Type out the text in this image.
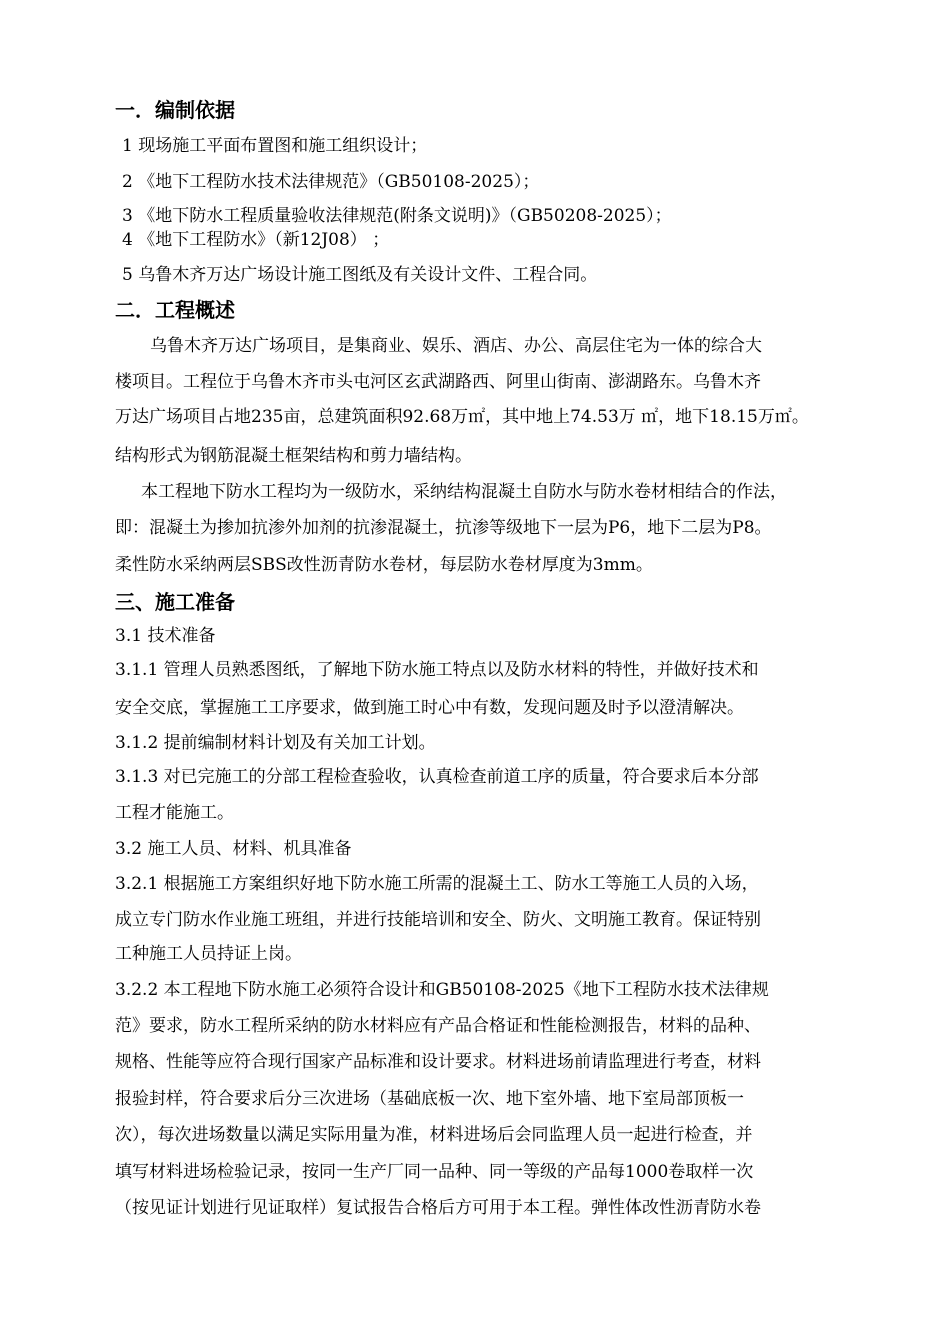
一．编制依据
1 现场施工平面布置图和施工组织设计；
2 《地下工程防水技术法律规范》（GB50108-2025）；
3 《地下防水工程质量验收法律规范(附条文说明)》（GB50208-2025）；
4 《地下工程防水》（新12J08） ；
5 乌鲁木齐万达广场设计施工图纸及有关设计文件、工程合同。
二．工程概述
乌鲁木齐万达广场项目，是集商业、娱乐、酒店、办公、高层住宅为一体的综合大
楼项目。工程位于乌鲁木齐市头屯河区玄武湖路西、阿里山街南、澎湖路东。乌鲁木齐
万达广场项目占地235亩，总建筑面积92.68万㎡，其中地上74.53万 ㎡，地下18.15万㎡。
结构形式为钢筋混凝土框架结构和剪力墙结构。
本工程地下防水工程均为一级防水，采纳结构混凝土自防水与防水卷材相结合的作法，
即：混凝土为掺加抗渗外加剂的抗渗混凝土，抗渗等级地下一层为P6，地下二层为P8。
柔性防水采纳两层SBS改性沥青防水卷材，每层防水卷材厚度为3mm。
三、施工准备
3.1 技术准备
3.1.1 管理人员熟悉图纸，了解地下防水施工特点以及防水材料的特性，并做好技术和
安全交底，掌握施工工序要求，做到施工时心中有数，发现问题及时予以澄清解决。
3.1.2 提前编制材料计划及有关加工计划。
3.1.3 对已完施工的分部工程检查验收，认真检查前道工序的质量，符合要求后本分部
工程才能施工。
3.2 施工人员、材料、机具准备
3.2.1 根据施工方案组织好地下防水施工所需的混凝土工、防水工等施工人员的入场，
成立专门防水作业施工班组，并进行技能培训和安全、防火、文明施工教育。保证特别
工种施工人员持证上岗。
3.2.2 本工程地下防水施工必须符合设计和GB50108-2025《地下工程防水技术法律规
范》要求，防水工程所采纳的防水材料应有产品合格证和性能检测报告，材料的品种、
规格、性能等应符合现行国家产品标准和设计要求。材料进场前请监理进行考查，材料
报验封样，符合要求后分三次进场（基础底板一次、地下室外墙、地下室局部顶板一
次），每次进场数量以满足实际用量为准，材料进场后会同监理人员一起进行检查，并
填写材料进场检验记录，按同一生产厂同一品种、同一等级的产品每1000卷取样一次
（按见证计划进行见证取样）复试报告合格后方可用于本工程。弹性体改性沥青防水卷
